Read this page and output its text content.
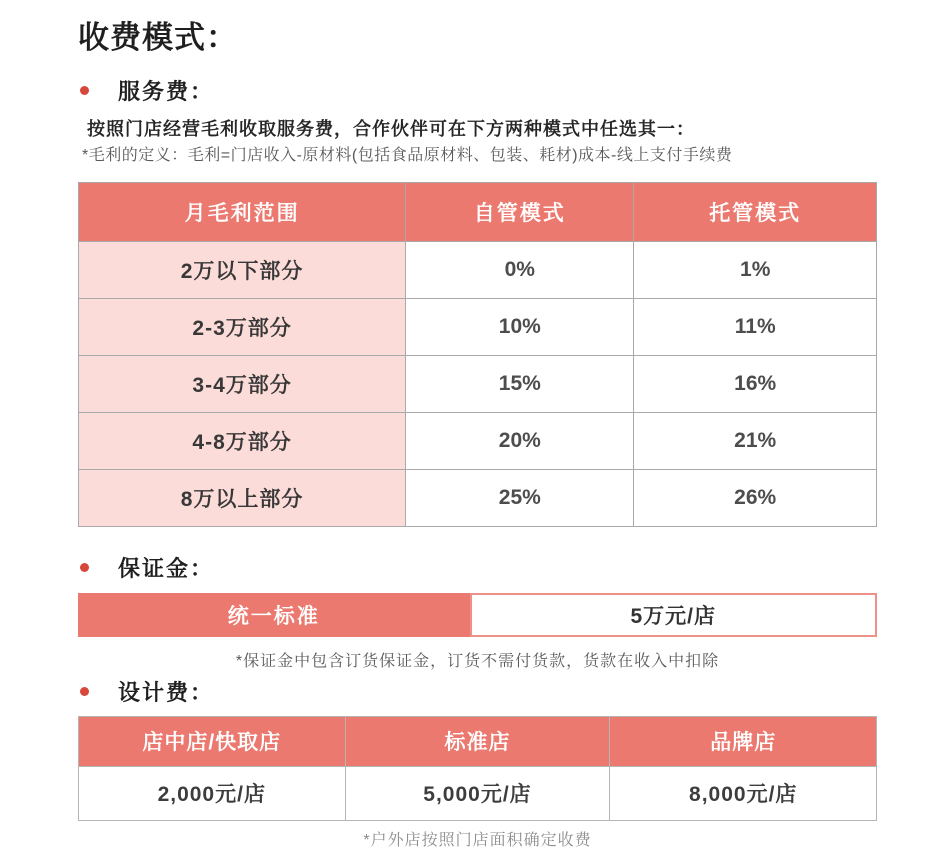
收费模式：
服务费：
按照门店经营毛利收取服务费，合作伙伴可在下方两种模式中任选其一：
*毛利的定义：毛利=门店收入-原材料(包括食品原材料、包装、耗材)成本-线上支付手续费
月毛利范围	自管模式	托管模式
2万以下部分	0%	1%
2-3万部分	10%	11%
3-4万部分	15%	16%
4-8万部分	20%	21%
8万以上部分	25%	26%
保证金：
统一标准	5万元/店
*保证金中包含订货保证金，订货不需付货款，货款在收入中扣除
设计费：
店中店/快取店	标准店	品牌店
2,000元/店	5,000元/店	8,000元/店
*户外店按照门店面积确定收费
